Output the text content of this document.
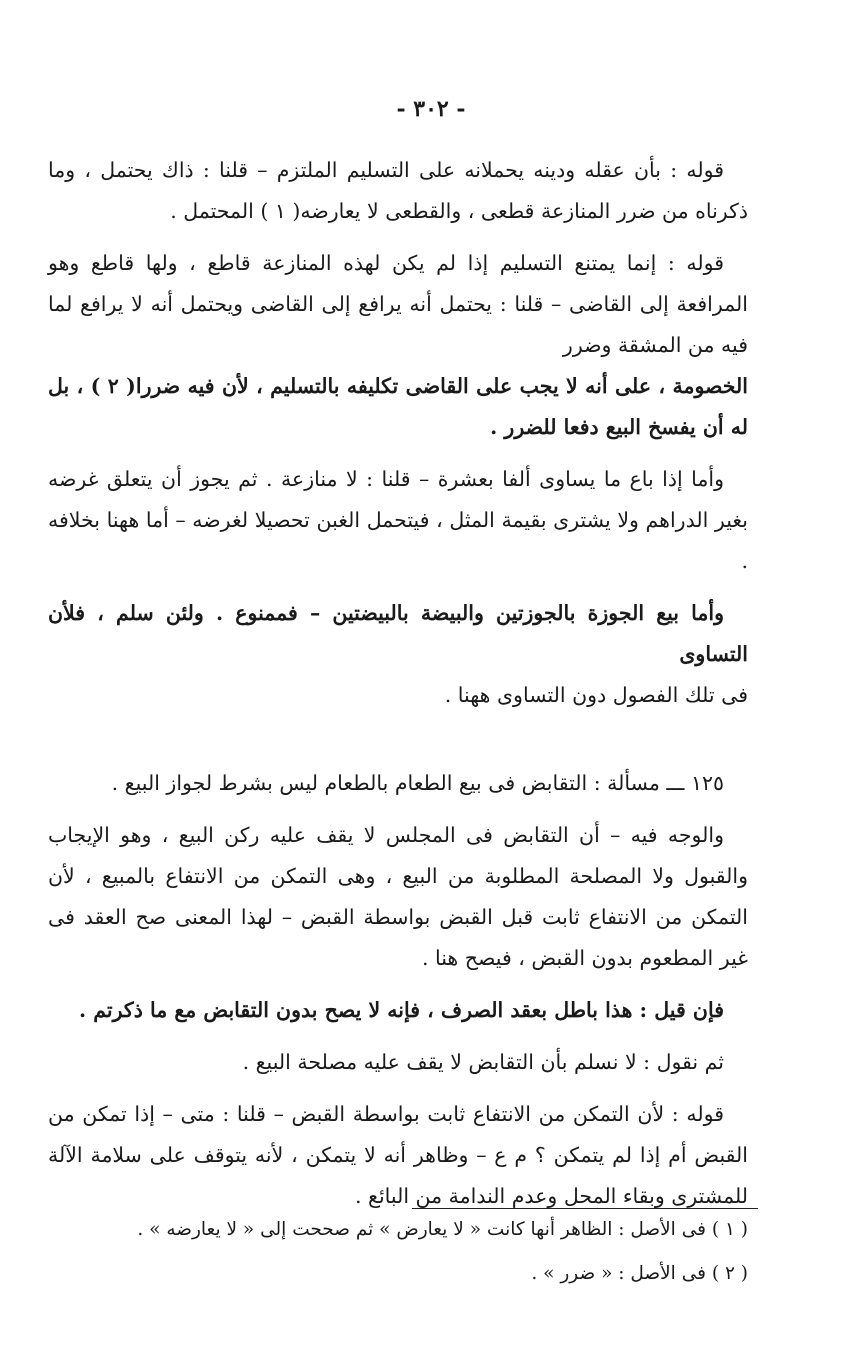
- ٣٠٢ -

قوله : بأن عقله ودينه يحملانه على التسليم الملتزم – قلنا : ذاك يحتمل ، وما ذكرناه من ضرر المنازعة قطعى ، والقطعى لا يعارضه( ١ ) المحتمل .

قوله : إنما يمتنع التسليم إذا لم يكن لهذه المنازعة قاطع ، ولها قاطع وهو المرافعة إلى القاضى – قلنا : يحتمل أنه يرافع إلى القاضى ويحتمل أنه لا يرافع لما فيه من المشقة وضرر

الخصومة ، على أنه لا يجب على القاضى تكليفه بالتسليم ، لأن فيه ضررا( ٢ ) ، بل له أن يفسخ البيع دفعا للضرر .

وأما إذا باع ما يساوى ألفا بعشرة – قلنا : لا منازعة . ثم يجوز أن يتعلق غرضه بغير الدراهم ولا يشترى بقيمة المثل ، فيتحمل الغبن تحصيلا لغرضه – أما ههنا بخلافه .

وأما بيع الجوزة بالجوزتين والبيضة بالبيضتين – فممنوع . ولئن سلم ، فلأن التساوى

فى تلك الفصول دون التساوى ههنا .

١٢٥ ـــ مسألة : التقابض فى بيع الطعام بالطعام ليس بشرط لجواز البيع .

والوجه فيه – أن التقابض فى المجلس لا يقف عليه ركن البيع ، وهو الإيجاب والقبول ولا المصلحة المطلوبة من البيع ، وهى التمكن من الانتفاع بالمبيع ، لأن التمكن من الانتفاع ثابت قبل القبض بواسطة القبض – لهذا المعنى صح العقد فى غير المطعوم بدون القبض ، فيصح هنا .

فإن قيل : هذا باطل بعقد الصرف ، فإنه لا يصح بدون التقابض مع ما ذكرتم .

ثم نقول : لا نسلم بأن التقابض لا يقف عليه مصلحة البيع .

قوله : لأن التمكن من الانتفاع ثابت بواسطة القبض – قلنا : متى – إذا تمكن من القبض أم إذا لم يتمكن ؟ م ع – وظاهر أنه لا يتمكن ، لأنه يتوقف على سلامة الآلة للمشترى وبقاء المحل وعدم الندامة من البائع .

( ١ ) فى الأصل : الظاهر أنها كانت « لا يعارض » ثم صححت إلى « لا يعارضه » .

( ٢ ) فى الأصل : « ضرر » .
